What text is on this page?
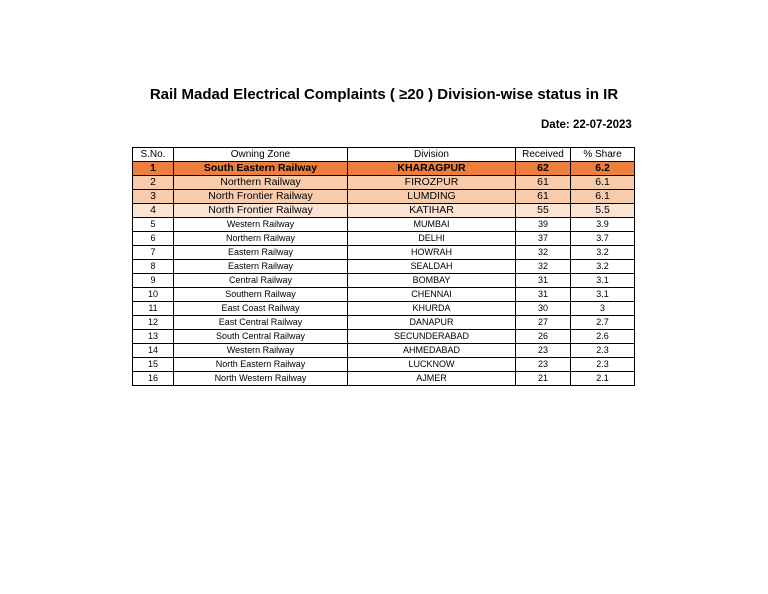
Rail Madad Electrical Complaints ( ≥20 ) Division-wise status in IR
Date: 22-07-2023
S.No.	Owning Zone	Division	Received	% Share
1	South Eastern Railway	KHARAGPUR	62	6.2
2	Northern Railway	FIROZPUR	61	6.1
3	North Frontier Railway	LUMDING	61	6.1
4	North Frontier Railway	KATIHAR	55	5.5
5	Western Railway	MUMBAI	39	3.9
6	Northern Railway	DELHI	37	3.7
7	Eastern Railway	HOWRAH	32	3.2
8	Eastern Railway	SEALDAH	32	3.2
9	Central Railway	BOMBAY	31	3.1
10	Southern Railway	CHENNAI	31	3.1
11	East Coast Railway	KHURDA	30	3
12	East Central Railway	DANAPUR	27	2.7
13	South Central Railway	SECUNDERABAD	26	2.6
14	Western Railway	AHMEDABAD	23	2.3
15	North Eastern Railway	LUCKNOW	23	2.3
16	North Western Railway	AJMER	21	2.1
